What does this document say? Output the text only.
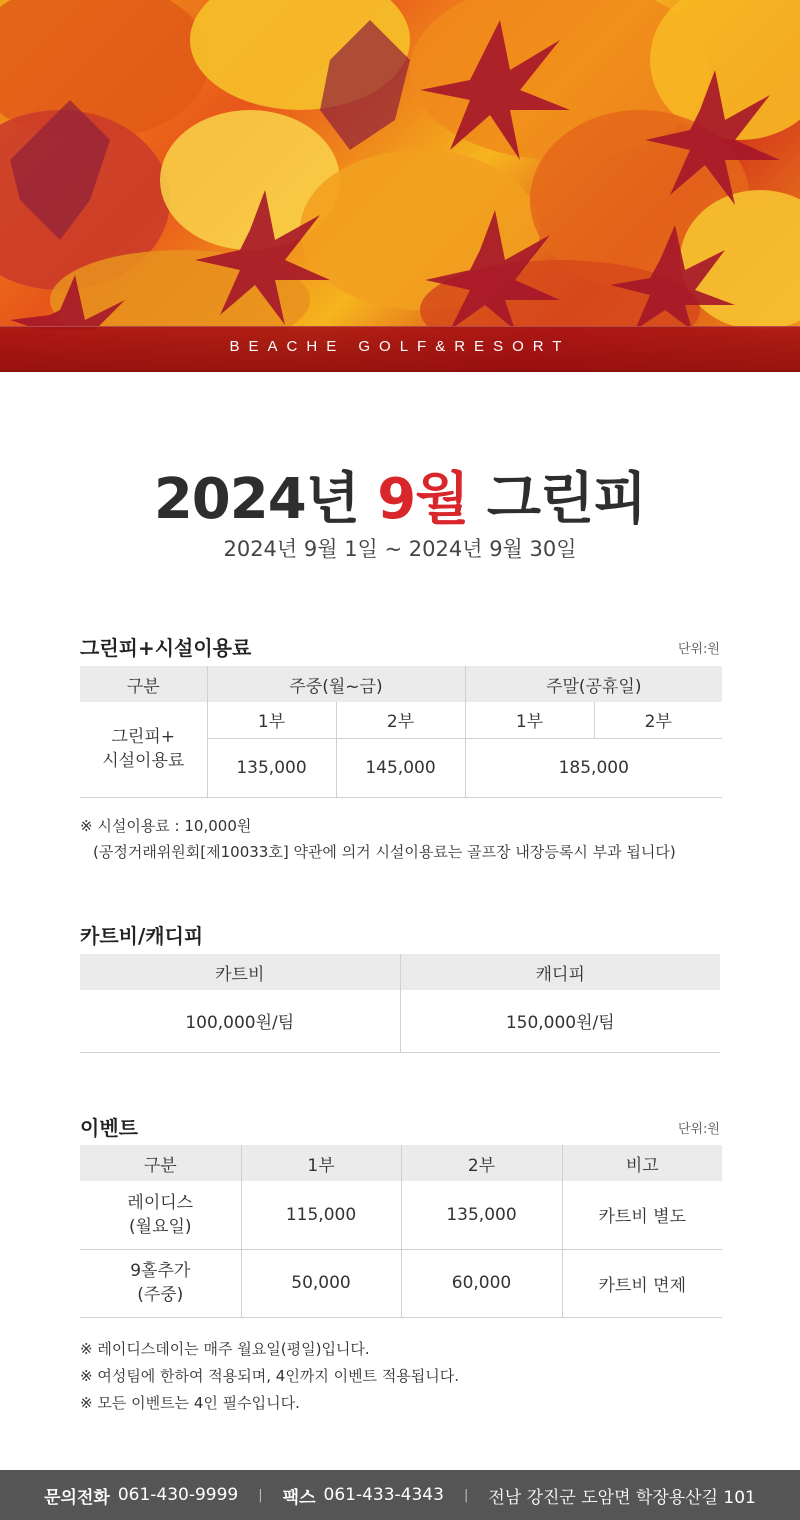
BEACHE GOLF&RESORT
2024년 9월 그린피
2024년 9월 1일 ~ 2024년 9월 30일
그린피+시설이용료	단위:원
구분	주중(월~금)		주말(공휴일)	
그린피+
시설이용료	1부	2부	1부	2부
	135,000	145,000	185,000	
※ 시설이용료 : 10,000원
(공정거래위원회[제10033호] 약관에 의거 시설이용료는 골프장 내장등록시 부과 됩니다)
카트비/캐디피
카트비	캐디피
100,000원/팀	150,000원/팀
이벤트	단위:원
구분	1부	2부	비고
레이디스
(월요일)	115,000	135,000	카트비 별도
9홀추가
(주중)	50,000	60,000	카트비 면제
※ 레이디스데이는 매주 월요일(평일)입니다.
※ 여성팀에 한하여 적용되며, 4인까지 이벤트 적용됩니다.
※ 모든 이벤트는 4인 필수입니다.
문의전화 061-430-9999 | 팩스 061-433-4343 | 전남 강진군 도암면 학장용산길 101
